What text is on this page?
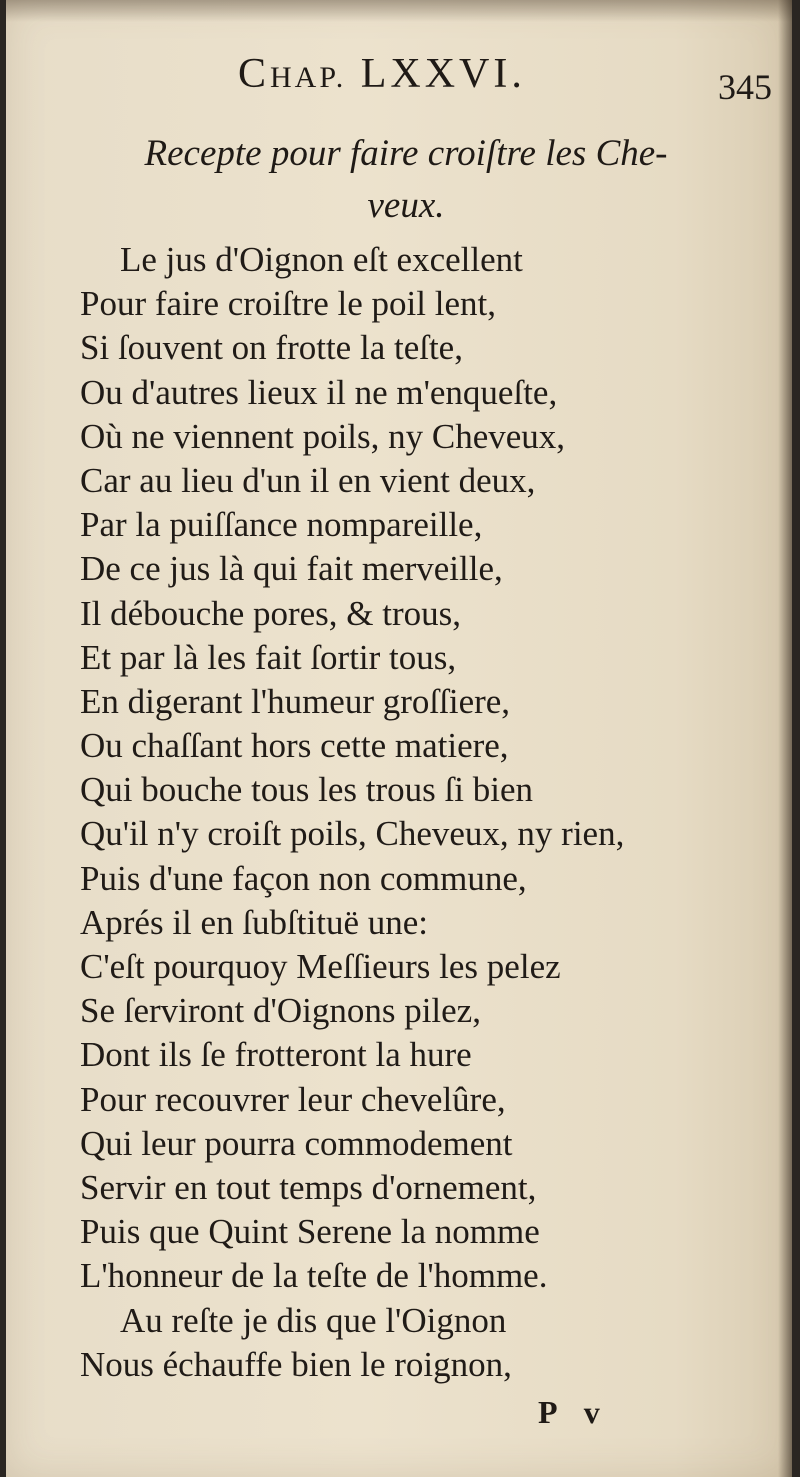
CHAP. LXXVI.	345
Recepte pour faire croiſtre les Che-
veux.
Le jus d'Oignon eſt excellent
Pour faire croiſtre le poil lent,
Si ſouvent on frotte la teſte,
Ou d'autres lieux il ne m'enqueſte,
Où ne viennent poils, ny Cheveux,
Car au lieu d'un il en vient deux,
Par la puiſſance nompareille,
De ce jus là qui fait merveille,
Il débouche pores, & trous,
Et par là les fait ſortir tous,
En digerant l'humeur groſſiere,
Ou chaſſant hors cette matiere,
Qui bouche tous les trous ſi bien
Qu'il n'y croiſt poils, Cheveux, ny rien,
Puis d'une façon non commune,
Aprés il en ſubſtituë une:
C'eſt pourquoy Meſſieurs les pelez
Se ſerviront d'Oignons pilez,
Dont ils ſe frotteront la hure
Pour recouvrer leur chevelûre,
Qui leur pourra commodement
Servir en tout temps d'ornement,
Puis que Quint Serene la nomme
L'honneur de la teſte de l'homme.
Au reſte je dis que l'Oignon
Nous échauffe bien le roignon,
P v
